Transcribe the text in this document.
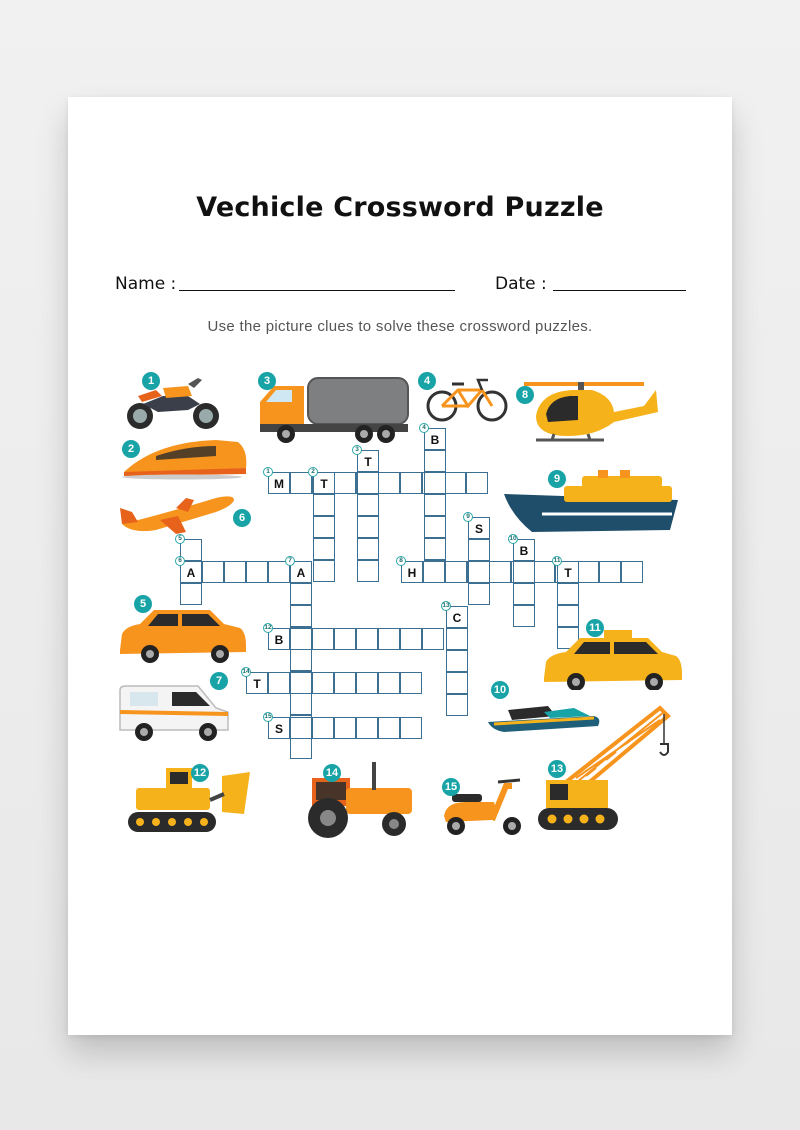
Vechicle Crossword Puzzle
Name :	Date :
Use the picture clues to solve these crossword puzzles.
M
1
T
2
T
3
B
4
5
A
6
A
7
H
8
S
9
B
10
T
11
B
12
C
13
T
14
S
15
1
2
3	4
5
6
7
8
9
10
11
12	13
14
15
